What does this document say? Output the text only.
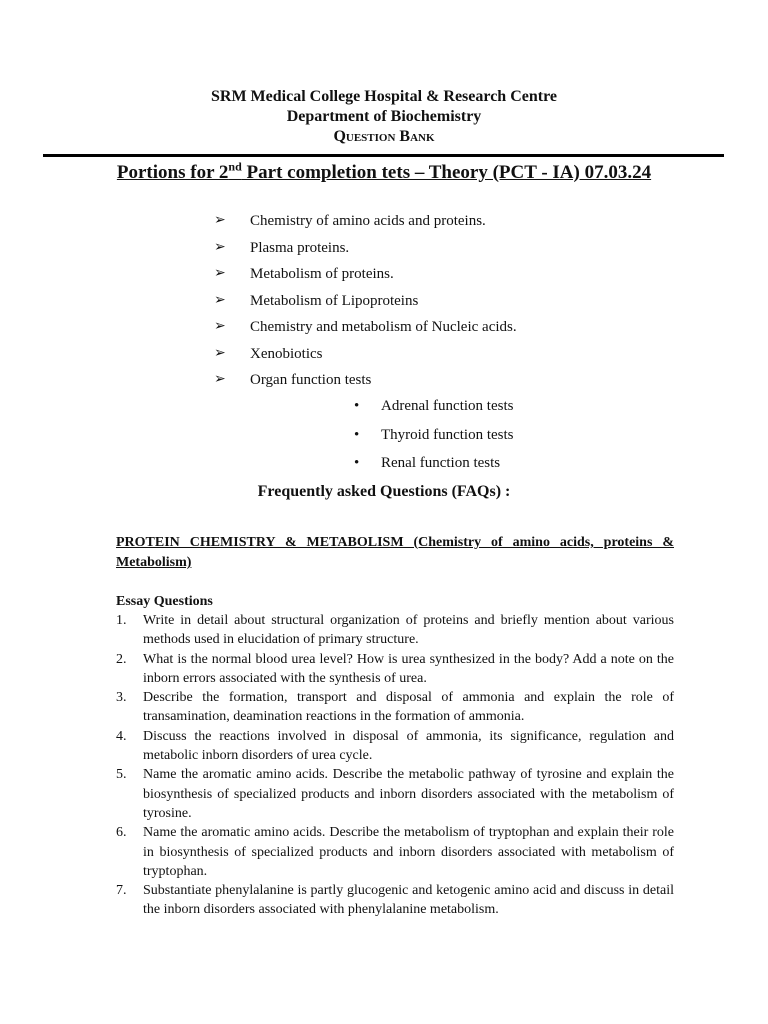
SRM Medical College Hospital & Research Centre
Department of Biochemistry
Question Bank
Portions for 2nd Part completion tets – Theory (PCT - IA) 07.03.24
➢ Chemistry of amino acids and proteins.
➢ Plasma proteins.
➢ Metabolism of proteins.
➢ Metabolism of Lipoproteins
➢ Chemistry and metabolism of Nucleic acids.
➢ Xenobiotics
➢ Organ function tests
• Adrenal function tests
• Thyroid function tests
• Renal function tests
Frequently asked Questions (FAQs) :
PROTEIN CHEMISTRY & METABOLISM (Chemistry of amino acids, proteins & Metabolism)
Essay Questions
1. Write in detail about structural organization of proteins and briefly mention about various methods used in elucidation of primary structure.
2. What is the normal blood urea level? How is urea synthesized in the body? Add a note on the inborn errors associated with the synthesis of urea.
3. Describe the formation, transport and disposal of ammonia and explain the role of transamination, deamination reactions in the formation of ammonia.
4. Discuss the reactions involved in disposal of ammonia, its significance, regulation and metabolic inborn disorders of urea cycle.
5. Name the aromatic amino acids. Describe the metabolic pathway of tyrosine and explain the biosynthesis of specialized products and inborn disorders associated with the metabolism of tyrosine.
6. Name the aromatic amino acids. Describe the metabolism of tryptophan and explain their role in biosynthesis of specialized products and inborn disorders associated with metabolism of tryptophan.
7. Substantiate phenylalanine is partly glucogenic and ketogenic amino acid and discuss in detail the inborn disorders associated with phenylalanine metabolism.
